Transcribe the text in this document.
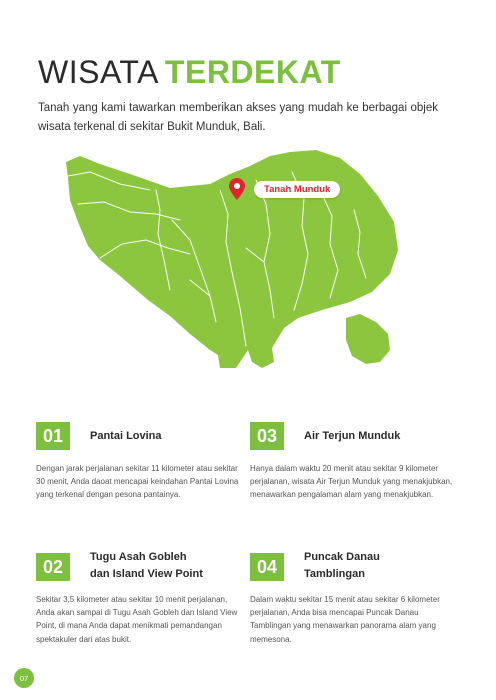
WISATA TERDEKAT

Tanah yang kami tawarkan memberikan akses yang mudah ke berbagai objek wisata terkenal di sekitar Bukit Munduk, Bali.

Tanah Munduk
01	Pantai Lovina

Dengan jarak perjalanan sekitar 11 kilometer atau sekitar 30 menit, Anda daoat mencapai keindahan Pantai Lovina yang terkenal dengan pesona pantainya.

03	Air Terjun Munduk

Hanya dalam waktu 20 menit atau sekitar 9 kilometer perjalanan, wisata Air Terjun Munduk yang menakjubkan, menawarkan pengalaman alam yang menakjubkan.

02	Tugu Asah Gobleh
dan Island View Point

Sekitar 3,5 kilometer atau sekitar 10 menit perjalanan, Anda akan sampai di Tugu Asah Gobleh dan Island View Point, di mana Anda dapat menikmati pemandangan spektakuler dari atas bukit.

04	Puncak Danau
Tamblingan

Dalam waktu sekitar 15 menit atau sekitar 6 kilometer perjalanan, Anda bisa mencapai Puncak Danau Tamblingan yang menawarkan panorama alam yang memesona.

07
